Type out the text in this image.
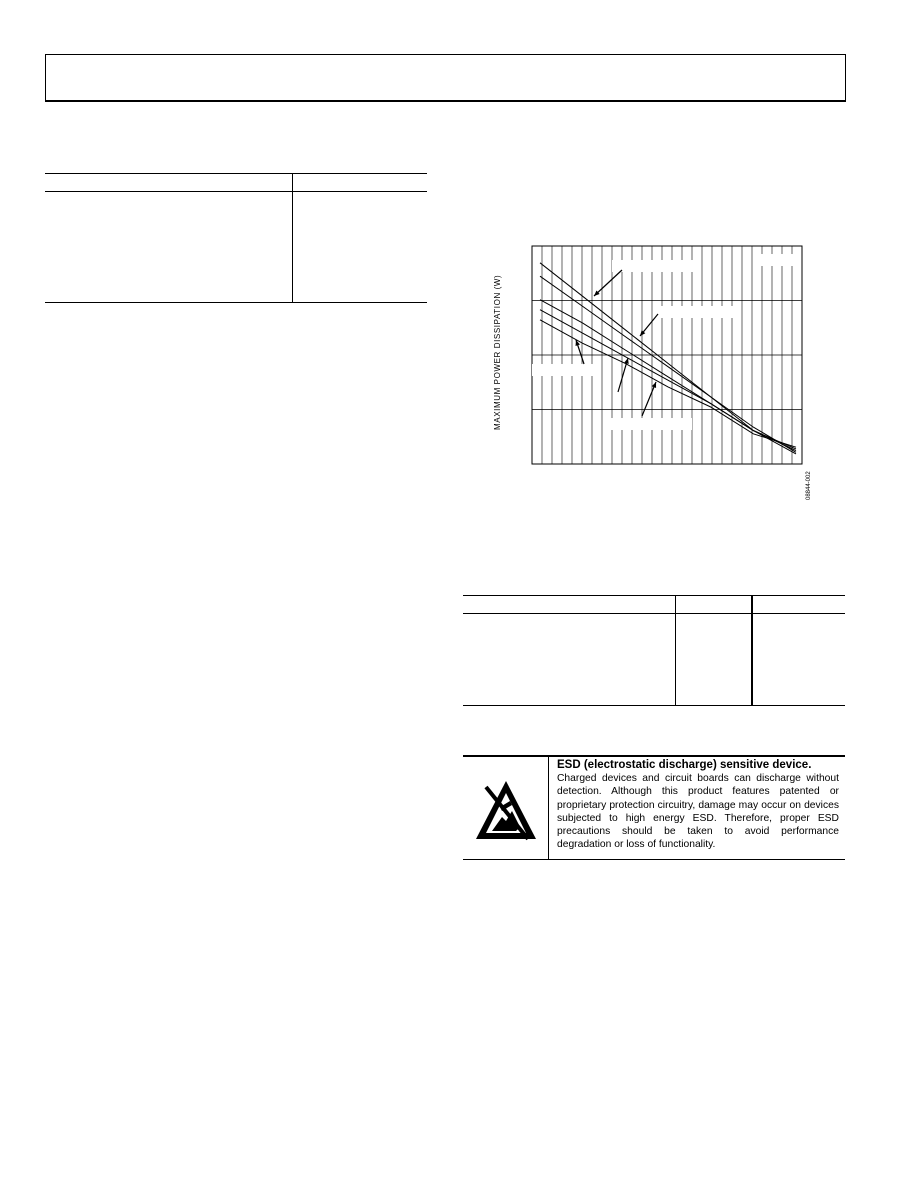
MAXIMUM POWER DISSIPATION (W)
08844-002
ESD (electrostatic discharge) sensitive device.
Charged devices and circuit boards can discharge without detection. Although this product features patented or proprietary protection circuitry, damage may occur on devices subjected to high energy ESD. Therefore, proper ESD precautions should be taken to avoid performance degradation or loss of functionality.
